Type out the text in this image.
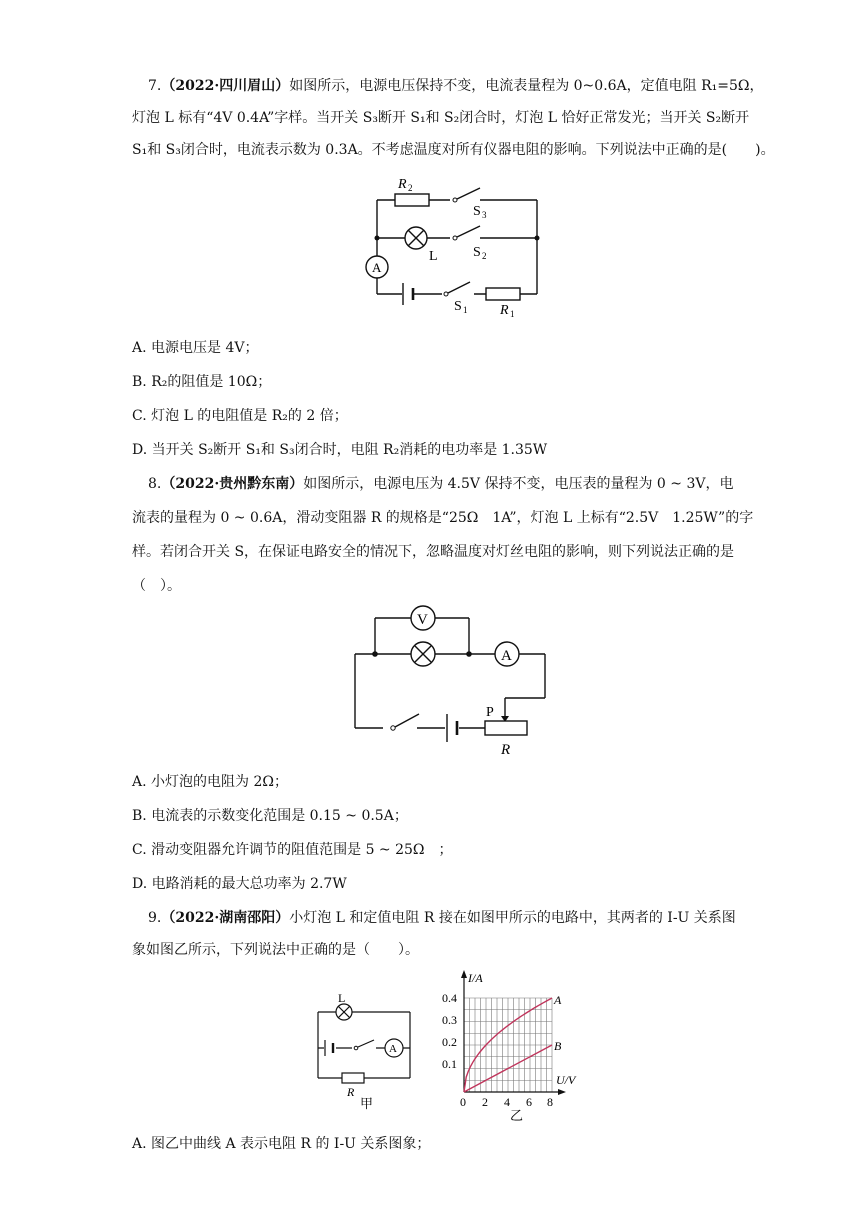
7.（2022·四川眉山）如图所示，电源电压保持不变，电流表量程为 0~0.6A，定值电阻 R₁=5Ω，
灯泡 L 标有“4V 0.4A”字样。当开关 S₃断开 S₁和 S₂闭合时，灯泡 L 恰好正常发光；当开关 S₂断开
S₁和 S₃闭合时，电流表示数为 0.3A。不考虑温度对所有仪器电阻的影响。下列说法中正确的是(　　)。
R 2
S 3
L	S 2
A
S 1 R 1
A. 电源电压是 4V；
B. R₂的阻值是 10Ω；
C. 灯泡 L 的电阻值是 R₂的 2 倍；
D. 当开关 S₂断开 S₁和 S₃闭合时，电阻 R₂消耗的电功率是 1.35W
8.（2022·贵州黔东南）如图所示，电源电压为 4.5V 保持不变，电压表的量程为 0 ~ 3V，电
流表的量程为 0 ~ 0.6A，滑动变阻器 R 的规格是“25Ω　1A”，灯泡 L 上标有“2.5V　1.25W”的字
样。若闭合开关 S，在保证电路安全的情况下，忽略温度对灯丝电阻的影响，则下列说法正确的是
（　）。
V
A
P
R
A. 小灯泡的电阻为 2Ω；
B. 电流表的示数变化范围是 0.15 ~ 0.5A；
C. 滑动变阻器允许调节的阻值范围是 5 ~ 25Ω　；
D. 电路消耗的最大总功率为 2.7W
9.（2022·湖南邵阳）小灯泡 L 和定值电阻 R 接在如图甲所示的电路中，其两者的 I-U 关系图
象如图乙所示，下列说法中正确的是（　　）。
L
A
R
甲
I/A
U/V
0.4
0.3
0.2
0.1
0 2 4 6 8
A
B
乙
A. 图乙中曲线 A 表示电阻 R 的 I-U 关系图象；
